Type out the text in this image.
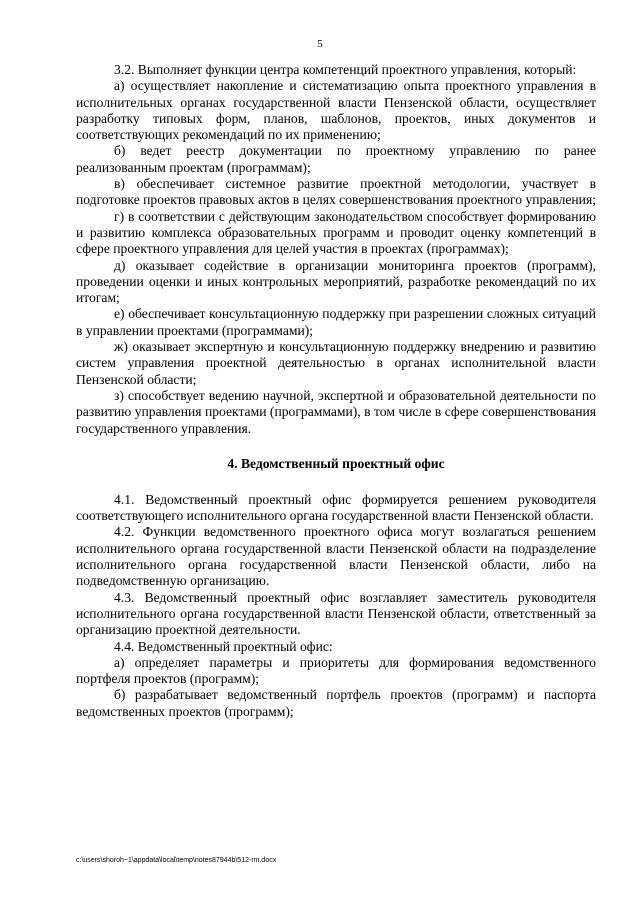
5

3.2. Выполняет функции центра компетенций проектного управления, который:

а) осуществляет накопление и систематизацию опыта проектного управления в исполнительных органах государственной власти Пензенской области, осуществляет разработку типовых форм, планов, шаблонов, проектов, иных документов и соответствующих рекомендаций по их применению;

б) ведет реестр документации по проектному управлению по ранее реализованным проектам (программам);

в) обеспечивает системное развитие проектной методологии, участвует в подготовке проектов правовых актов в целях совершенствования проектного управления;

г) в соответствии с действующим законодательством способствует формированию и развитию комплекса образовательных программ и проводит оценку компетенций в сфере проектного управления для целей участия в проектах (программах);

д) оказывает содействие в организации мониторинга проектов (программ), проведении оценки и иных контрольных мероприятий, разработке рекомендаций по их итогам;

е) обеспечивает консультационную поддержку при разрешении сложных ситуаций в управлении проектами (программами);

ж) оказывает экспертную и консультационную поддержку внедрению и развитию систем управления проектной деятельностью в органах исполнительной власти Пензенской области;

з) способствует ведению научной, экспертной и образовательной деятельности по развитию управления проектами (программами), в том числе в сфере совершенствования государственного управления.

4. Ведомственный проектный офис

4.1. Ведомственный проектный офис формируется решением руководителя соответствующего исполнительного органа государственной власти Пензенской области.

4.2. Функции ведомственного проектного офиса могут возлагаться решением исполнительного органа государственной власти Пензенской области на подразделение исполнительного органа государственной власти Пензенской области, либо на подведомственную организацию.

4.3. Ведомственный проектный офис возглавляет заместитель руководителя исполнительного органа государственной власти Пензенской области, ответственный за организацию проектной деятельности.

4.4. Ведомственный проектный офис:

а) определяет параметры и приоритеты для формирования ведомственного портфеля проектов (программ);

б) разрабатывает ведомственный портфель проектов (программ) и паспорта ведомственных проектов (программ);

c:\users\shoroh~1\appdata\local\temp\notes87944b\512-rm.docx
